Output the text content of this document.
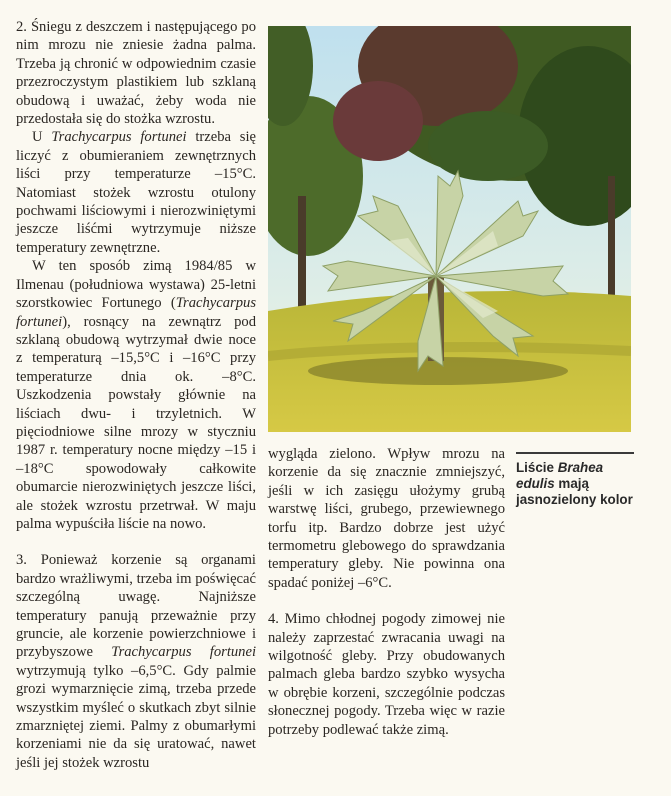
2. Śniegu z deszczem i następującego po nim mrozu nie zniesie żadna palma. Trzeba ją chronić w odpowiednim czasie przezroczystym plastikiem lub szklaną obudową i uważać, żeby woda nie przedostała się do stożka wzrostu.

U Trachycarpus fortunei trzeba się liczyć z obumieraniem zewnętrznych liści przy temperaturze –15°C. Natomiast stożek wzrostu otulony pochwami liściowymi i nierozwiniętymi jeszcze liśćmi wytrzymuje niższe temperatury zewnętrzne.

W ten sposób zimą 1984/85 w Ilmenau (południowa wystawa) 25-letni szorstkowiec Fortunego (Trachycarpus fortunei), rosnący na zewnątrz pod szklaną obudową wytrzymał dwie noce z temperaturą –15,5°C i –16°C przy temperaturze dnia ok. –8°C. Uszkodzenia powstały głównie na liściach dwu- i trzyletnich. W pięciodniowe silne mrozy w styczniu 1987 r. temperatury nocne między –15 i –18°C spowodowały całkowite obumarcie nierozwiniętych jeszcze liści, ale stożek wzrostu przetrwał. W maju palma wypuściła liście na nowo.

3. Ponieważ korzenie są organami bardzo wrażliwymi, trzeba im poświęcać szczególną uwagę. Najniższe temperatury panują przeważnie przy gruncie, ale korzenie powierzchniowe i przybyszowe Trachycarpus fortunei wytrzymują tylko –6,5°C. Gdy palmie grozi wymarznięcie zimą, trzeba przede wszystkim myśleć o skutkach zbyt silnie zmarzniętej ziemi. Palmy z obumarłymi korzeniami nie da się uratować, nawet jeśli jej stożek wzrostu

wygląda zielono. Wpływ mrozu na korzenie da się znacznie zmniejszyć, jeśli w ich zasięgu ułożymy grubą warstwę liści, grubego, przewiewnego torfu itp. Bardzo dobrze jest użyć termometru glebowego do sprawdzania temperatury gleby. Nie powinna ona spadać poniżej –6°C.

4. Mimo chłodnej pogody zimowej nie należy zaprzestać zwracania uwagi na wilgotność gleby. Przy obudowanych palmach gleba bardzo szybko wysycha w obrębie korzeni, szczególnie podczas słonecznej pogody. Trzeba więc w razie potrzeby podlewać także zimą.

Liście Brahea edulis mają jasnozielony kolor
